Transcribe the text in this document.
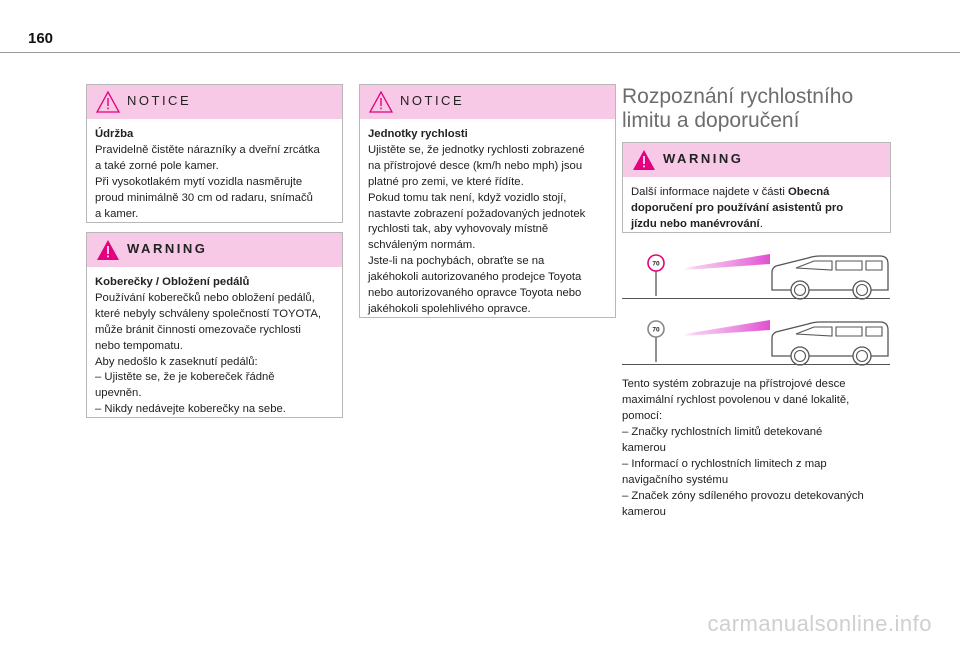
160
NOTICE

Údržba

Pravidelně čistěte nárazníky a dveřní zrcátka

a také zorné pole kamer.

Při vysokotlakém mytí vozidla nasměrujte

proud minimálně 30 cm od radaru, snímačů

a kamer.

WARNING

Koberečky / Obložení pedálů

Používání koberečků nebo obložení pedálů,

které nebyly schváleny společností TOYOTA,

může bránit činnosti omezovače rychlosti

nebo tempomatu.

Aby nedošlo k zaseknutí pedálů:

– Ujistěte se, že je kobereček řádně

upevněn.

– Nikdy nedávejte koberečky na sebe.

NOTICE

Jednotky rychlosti

Ujistěte se, že jednotky rychlosti zobrazené

na přístrojové desce (km/h nebo mph) jsou

platné pro zemi, ve které řídíte.

Pokud tomu tak není, když vozidlo stojí,

nastavte zobrazení požadovaných jednotek

rychlosti tak, aby vyhovovaly místně

schváleným normám.

Jste-li na pochybách, obraťte se na

jakéhokoli autorizovaného prodejce Toyota

nebo autorizovaného opravce Toyota nebo

jakéhokoli spolehlivého opravce.

Rozpoznání rychlostního
limitu a doporučení
WARNING

Další informace najdete v části Obecná

doporučení pro používání asistentů pro

jízdu nebo manévrování.

70
70

Tento systém zobrazuje na přístrojové desce

maximální rychlost povolenou v dané lokalitě,

pomocí:

– Značky rychlostních limitů detekované

kamerou

– Informací o rychlostních limitech z map

navigačního systému

– Značek zóny sdíleného provozu detekovaných

kamerou

carmanualsonline.info
